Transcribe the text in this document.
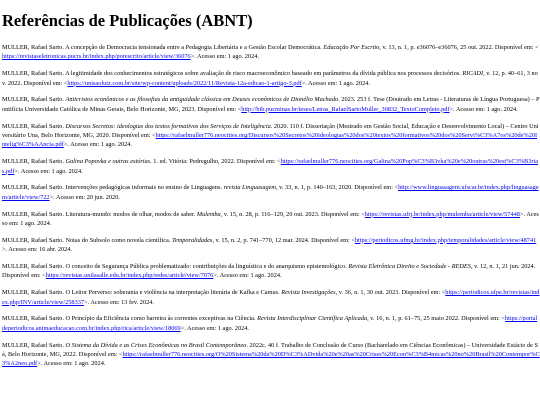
Referências de Publicações (ABNT)

MULLER, Rafael Sarto. A concepção de Democracia tensionada entre a Pedagogia Libertária e a Gestão Escolar Democrática. Educação Por Escrito, v. 13, n. 1, p. e36076–e36076, 25 out. 2022. Disponível em: <https://revistaseletronicas.pucrs.br/index.php/porescrito/article/view/36076>. Acesso em: 1 ago. 2024.

MULLER, Rafael Sarto. A legitimidade dos conhecimentos estratégicos sobre avaliação de risco macroeconômico baseado em parâmetros da dívida pública nos processos decisórios. RICADI, v. 12, p. 40–61, 3 nov. 2022. Disponível em: <https://unisaoluiz.com.br/site/wp-content/uploads/2022/11/Revista-12a-edicao-1-artigo-3.pdf>. Acesso em: 1 ago. 2024.

MULLER, Rafael Sarto. Anticristos econômicos e as filosofias da antiguidade clássica em Deuses econômicos de Dionélio Machado. 2023. 253 f. Tese (Doutrado em Letras - Literaturas de Língua Portuguesa) – Pontifícia Universidade Católica de Minas Gerais, Belo Horizonte, MG, 2023. Disponível em: <http://bib.pucminas.br/teses/Letras_RafaelSartoMuller_30832_TextoCompleto.pdf>. Acesso em: 1 ago. 2024.

MULLER, Rafael Sarto. Discursos Secretos: ideologias dos textos formativos dos Serviços de Inteligência. 2020. 110 f. Dissertação (Mestrado em Gestão Social, Educação e Desenvolvimento Local) – Centro Universitário Una, Belo Horizonte, MG, 2020. Disponível em: <https://rafaelmuller776.neocities.org/Discursos%20Secretos%20ideologias%20dos%20textos%20formativos%20dos%20Servi%C3%A7os%20de%20Intelig%C3%AAncia.pdf>. Acesso em: 1 ago. 2024.

MULLER, Rafael Sarto. Galina Popovka e outras estórias. 1. ed. Vitória: Pedregulho, 2022. Disponível em: <https://rafaelmuller776.neocities.org/Galina%20Pop%C3%B3vka%20e%20outras%20est%C3%B3rias.pdf>. Acesso em: 1 ago. 2024.

MULLER, Rafael Sarto. Intervenções pedagógicas informais no ensino de Linguagens. revista Linguasagem, v. 33, n. 1, p. 140–163, 2020. Disponível em: <http://www.linguasagem.ufscar.br/index.php/linguasagem/article/view/722>. Acesso em: 20 jun. 2020.

MULLER, Rafael Sarto. Literatura-mundo: modos de olhar, modos de saber. Mulemba, v. 15, n. 28, p. 116–129, 20 out. 2023. Disponível em: <https://revistas.ufrj.br/index.php/mulemba/article/view/57448>. Acesso em: 1 ago. 2024.

MULLER, Rafael Sarto. Notas do Subsolo como novela científica. Temporalidades, v. 15, n. 2, p. 741–770, 12 mar. 2024. Disponível em: <https://periodicos.ufmg.br/index.php/temporalidades/article/view/48741>. Acesso em: 16 abr. 2024.

MULLER, Rafael Sarto. O conceito de Segurança Pública problematizado: contribuições da linguística e do anarquismo epistemológico. Revista Eletrônica Direito e Sociedade - REDES, v. 12, n. 1, 21 jun. 2024. Disponível em: <https://revistas.unilasalle.edu.br/index.php/redes/article/view/7076>. Acesso em: 1 ago. 2024.

MULLER, Rafael Sarto. O Leitor Perverso: soberania e violência na interpretação literária de Kafka e Camus. Revista Investigações, v. 36, n. 1, 30 out. 2023. Disponível em: <https://periodicos.ufpe.br/revistas/index.php/INV/article/view/258337>. Acesso em: 13 fev. 2024.

MULLER, Rafael Sarto. O Princípio da Eficiência como barreira às correntes exceptivas na Ciência. Revista Interdisciplinar Científica Aplicada, v. 16, n. 1, p. 61–75, 25 maio 2022. Disponível em: <https://portaldeperiodicos.animaeducacao.com.br/index.php/rica/article/view/18069>. Acesso em: 1 ago. 2024.

MULLER, Rafael Sarto. O Sistema da Dívida e as Crises Econômicas no Brasil Contemporâneo. 2022c. 40 f. Trabalho de Conclusão de Curso (Bacharelado em Ciências Econômicas) – Universidade Estácio de Sá, Belo Horizonte, MG, 2022. Disponível em: <https://rafaelmuller776.neocities.org/O%20Sistema%20da%20D%C3%ADvida%20e%20as%20Crises%20Econ%C3%B4micas%20no%20Brasil%20Contempor%C3%A2neo.pdf>. Acesso em: 1 ago. 2024.
